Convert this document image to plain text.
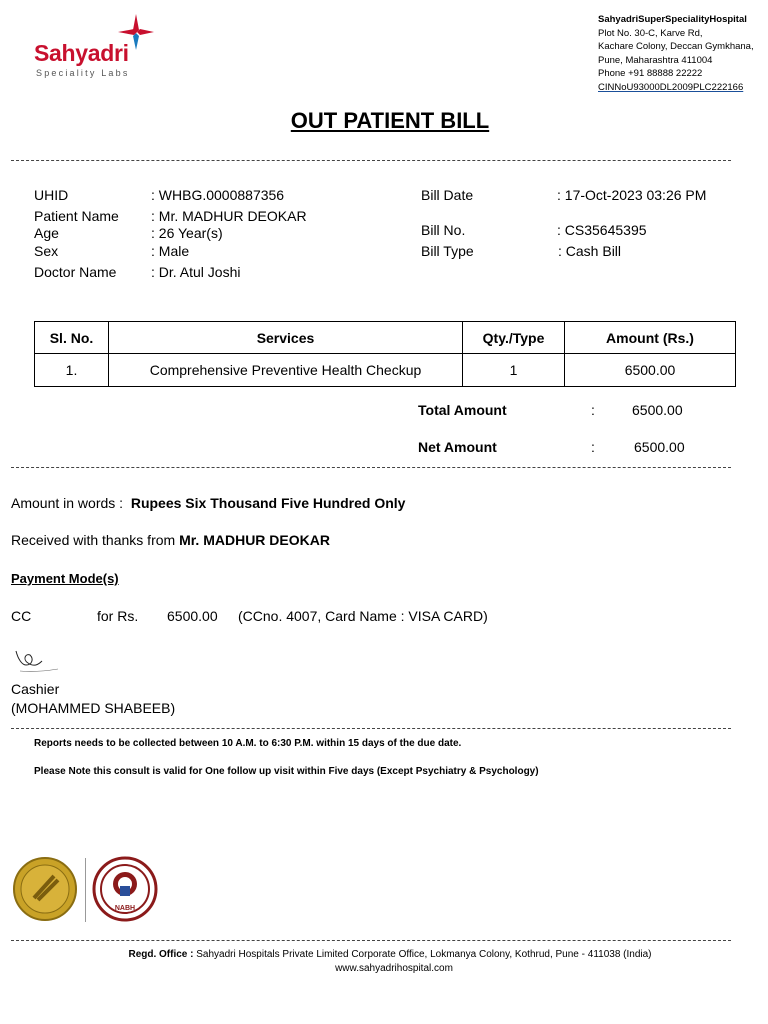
Sahyadri
Speciality Labs
SahyadriSuperSpecialityHospital
Plot No. 30-C, Karve Rd,
Kachare Colony, Deccan Gymkhana,
Pune, Maharashtra 411004
Phone +91 88888 22222
CINNoU93000DL2009PLC222166
OUT PATIENT BILL
UHID	: WHBG.0000887356
Patient Name : Mr. MADHUR DEOKAR
Age	: 26 Year(s)
Sex	: Male
Doctor Name : Dr. Atul Joshi
Bill Date	: 17-Oct-2023 03:26 PM
Bill No.	: CS35645395
Bill Type	: Cash Bill
Sl. No.	Services	Qty./Type	Amount (Rs.)
1.	Comprehensive Preventive Health Checkup	1	6500.00
Total Amount	:	6500.00
Net Amount	:	6500.00
Amount in words : Rupees Six Thousand Five Hundred Only
Received with thanks from Mr. MADHUR DEOKAR
Payment Mode(s)
CC	for Rs. 6500.00 (CCno. 4007, Card Name : VISA CARD)
Cashier
(MOHAMMED SHABEEB)
Reports needs to be collected between 10 A.M. to 6:30 P.M. within 15 days of the due date.
Please Note this consult is valid for One follow up visit within Five days (Except Psychiatry & Psychology)
NABH
Regd. Office : Sahyadri Hospitals Private Limited Corporate Office, Lokmanya Colony, Kothrud, Pune - 411038 (India)
www.sahyadrihospital.com
